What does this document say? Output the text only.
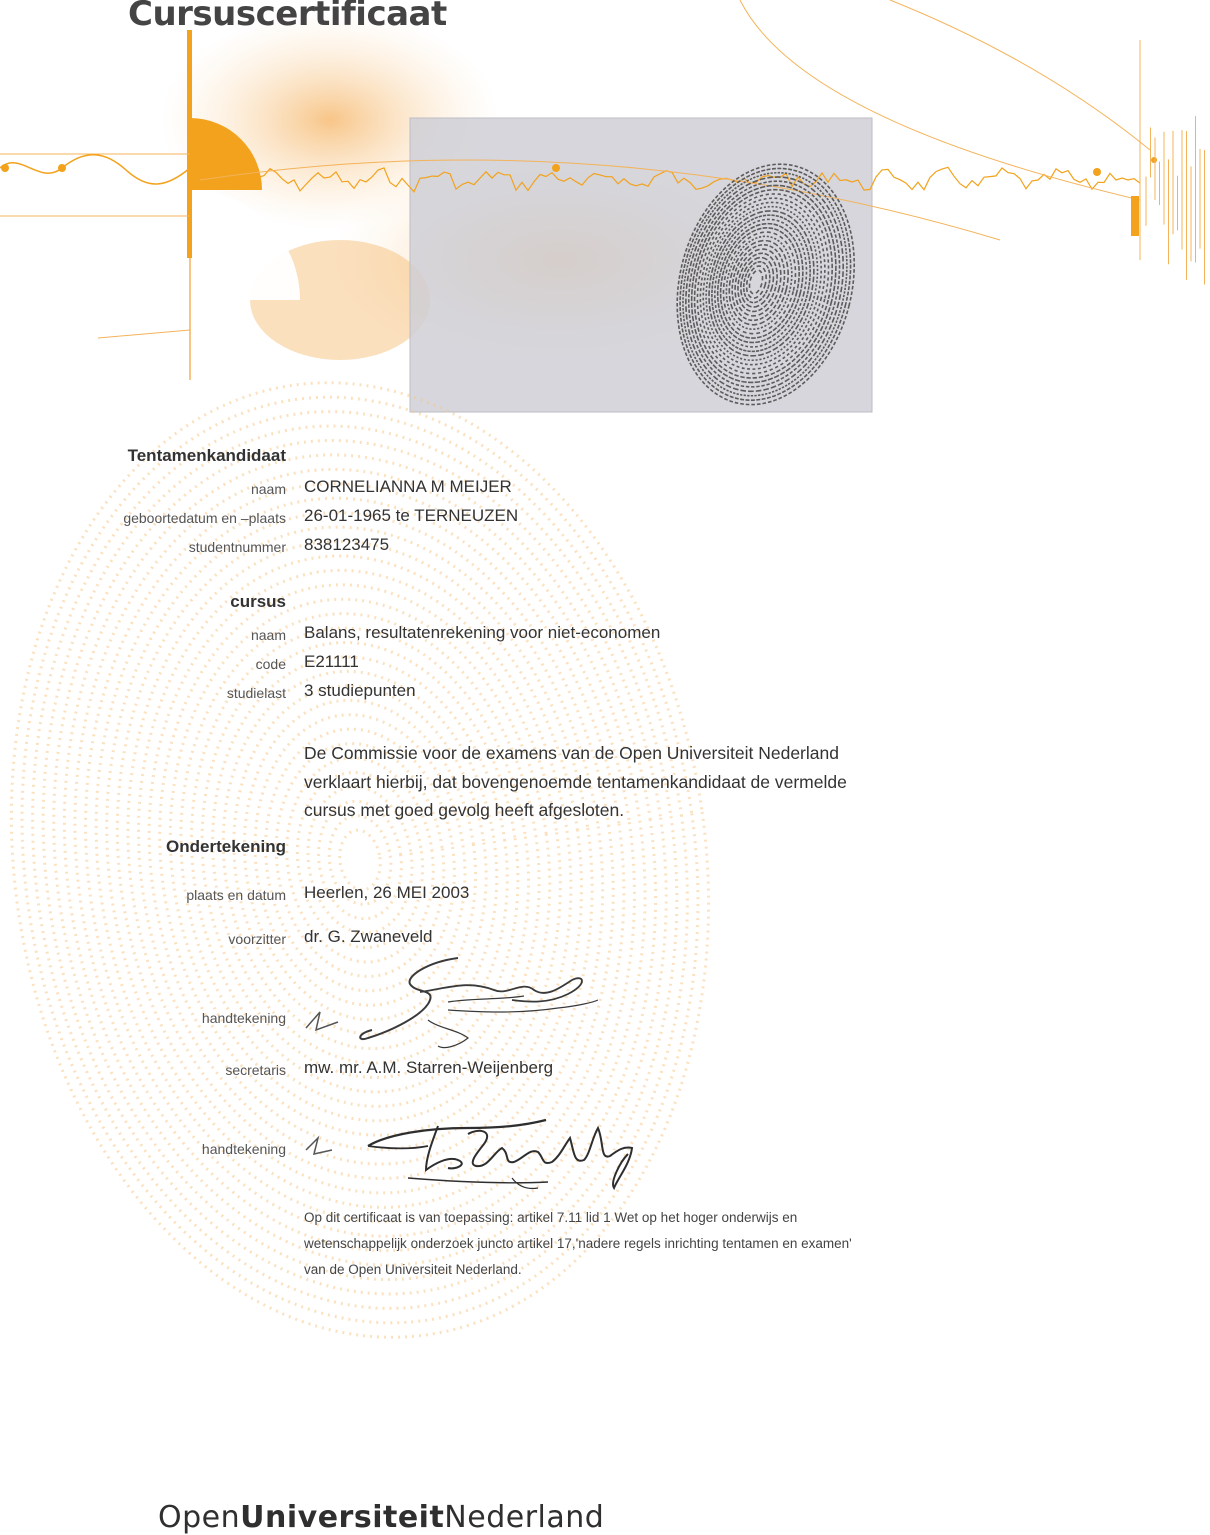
Cursuscertificaat
Tentamenkandidaat
naam CORNELIANNA M MEIJER
geboortedatum en –plaats 26-01-1965 te TERNEUZEN
studentnummer 838123475
cursus
naam Balans, resultatenrekening voor niet-economen
code E21111
studielast 3 studiepunten
De Commissie voor de examens van de Open Universiteit Nederland
verklaart hierbij, dat bovengenoemde tentamenkandidaat de vermelde
cursus met goed gevolg heeft afgesloten.
Ondertekening
plaats en datum Heerlen, 26 MEI 2003
voorzitter dr. G. Zwaneveld
handtekening
secretaris mw. mr. A.M. Starren-Weijenberg
handtekening
Op dit certificaat is van toepassing: artikel 7.11 lid 1 Wet op het hoger onderwijs en
wetenschappelijk onderzoek juncto artikel 17,'nadere regels inrichting tentamen en examen'
van de Open Universiteit Nederland.
OpenUniversiteitNederland
